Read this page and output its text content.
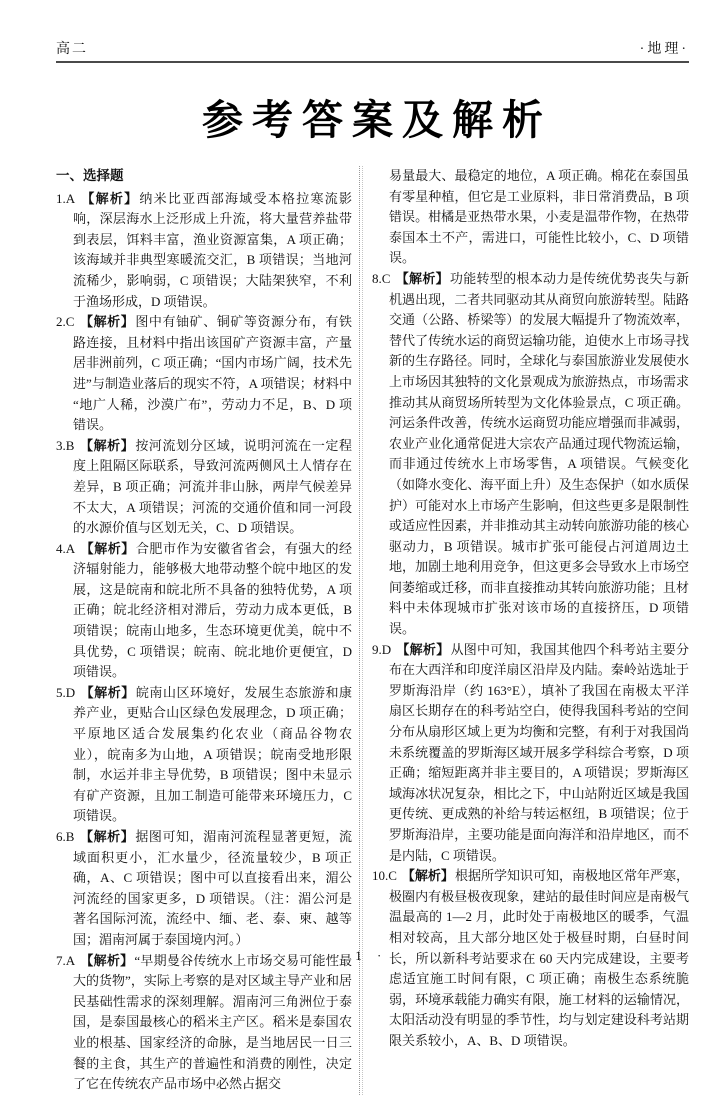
高二	·地理·
参考答案及解析
一、选择题

1.A 【解析】纳米比亚西部海域受本格拉寒流影响，深层海水上泛形成上升流，将大量营养盐带到表层，饵料丰富，渔业资源富集，A 项正确；该海域并非典型寒暖流交汇，B 项错误；当地河流稀少，影响弱，C 项错误；大陆架狭窄，不利于渔场形成，D 项错误。

2.C 【解析】图中有铀矿、铜矿等资源分布，有铁路连接，且材料中指出该国矿产资源丰富，产量居非洲前列，C 项正确；“国内市场广阔，技术先进”与制造业落后的现实不符，A 项错误；材料中“地广人稀，沙漠广布”，劳动力不足，B、D 项错误。

3.B 【解析】按河流划分区域，说明河流在一定程度上阻隔区际联系，导致河流两侧风土人情存在差异，B 项正确；河流并非山脉，两岸气候差异不太大，A 项错误；河流的交通价值和同一河段的水源价值与区划无关，C、D 项错误。

4.A 【解析】合肥市作为安徽省省会，有强大的经济辐射能力，能够极大地带动整个皖中地区的发展，这是皖南和皖北所不具备的独特优势，A 项正确；皖北经济相对滞后，劳动力成本更低，B 项错误；皖南山地多，生态环境更优美，皖中不具优势，C 项错误；皖南、皖北地价更便宜，D 项错误。

5.D 【解析】皖南山区环境好，发展生态旅游和康养产业，更贴合山区绿色发展理念，D 项正确；平原地区适合发展集约化农业（商品谷物农业），皖南多为山地，A 项错误；皖南受地形限制，水运并非主导优势，B 项错误；图中未显示有矿产资源，且加工制造可能带来环境压力，C 项错误。

6.B 【解析】据图可知，湄南河流程显著更短，流域面积更小，汇水量少，径流量较少，B 项正确，A、C 项错误；图中可以直接看出来，湄公河流经的国家更多，D 项错误。（注：湄公河是著名国际河流，流经中、缅、老、泰、柬、越等国；湄南河属于泰国境内河。）

7.A 【解析】“早期曼谷传统水上市场交易可能性最大的货物”，实际上考察的是对区域主导产业和居民基础性需求的深刻理解。湄南河三角洲位于泰国，是泰国最核心的稻米主产区。稻米是泰国农业的根基、国家经济的命脉，是当地居民一日三餐的主食，其生产的普遍性和消费的刚性，决定了它在传统农产品市场中必然占据交

易量最大、最稳定的地位，A 项正确。棉花在泰国虽有零星种植，但它是工业原料，非日常消费品，B 项错误。柑橘是亚热带水果，小麦是温带作物，在热带泰国本土不产，需进口，可能性比较小，C、D 项错误。

8.C 【解析】功能转型的根本动力是传统优势丧失与新机遇出现，二者共同驱动其从商贸向旅游转型。陆路交通（公路、桥梁等）的发展大幅提升了物流效率，替代了传统水运的商贸运输功能，迫使水上市场寻找新的生存路径。同时，全球化与泰国旅游业发展使水上市场因其独特的文化景观成为旅游热点，市场需求推动其从商贸场所转型为文化体验景点，C 项正确。河运条件改善，传统水运商贸功能应增强而非减弱，农业产业化通常促进大宗农产品通过现代物流运输，而非通过传统水上市场零售，A 项错误。气候变化（如降水变化、海平面上升）及生态保护（如水质保护）可能对水上市场产生影响，但这些更多是限制性或适应性因素，并非推动其主动转向旅游功能的核心驱动力，B 项错误。城市扩张可能侵占河道周边土地，加剧土地利用竞争，但这更多会导致水上市场空间萎缩或迁移，而非直接推动其转向旅游功能；且材料中未体现城市扩张对该市场的直接挤压，D 项错误。

9.D 【解析】从图中可知，我国其他四个科考站主要分布在大西洋和印度洋扇区沿岸及内陆。秦岭站选址于罗斯海沿岸（约 163°E），填补了我国在南极太平洋扇区长期存在的科考站空白，使得我国科考站的空间分布从扇形区域上更为均衡和完整，有利于对我国尚未系统覆盖的罗斯海区域开展多学科综合考察，D 项正确；缩短距离并非主要目的，A 项错误；罗斯海区域海冰状况复杂，相比之下，中山站附近区域是我国更传统、更成熟的补给与转运枢纽，B 项错误；位于罗斯海沿岸，主要功能是面向海洋和沿岸地区，而不是内陆，C 项错误。

10.C 【解析】根据所学知识可知，南极地区常年严寒，极圈内有极昼极夜现象，建站的最佳时间应是南极气温最高的 1—2 月，此时处于南极地区的暖季，气温相对较高，且大部分地区处于极昼时期，白昼时间长，所以新科考站要求在 60 天内完成建设，主要考虑适宜施工时间有限，C 项正确；南极生态系统脆弱，环境承载能力确实有限，施工材料的运输情况，太阳活动没有明显的季节性，均与划定建设科考站期限关系较小，A、B、D 项错误。

· 1 ·
